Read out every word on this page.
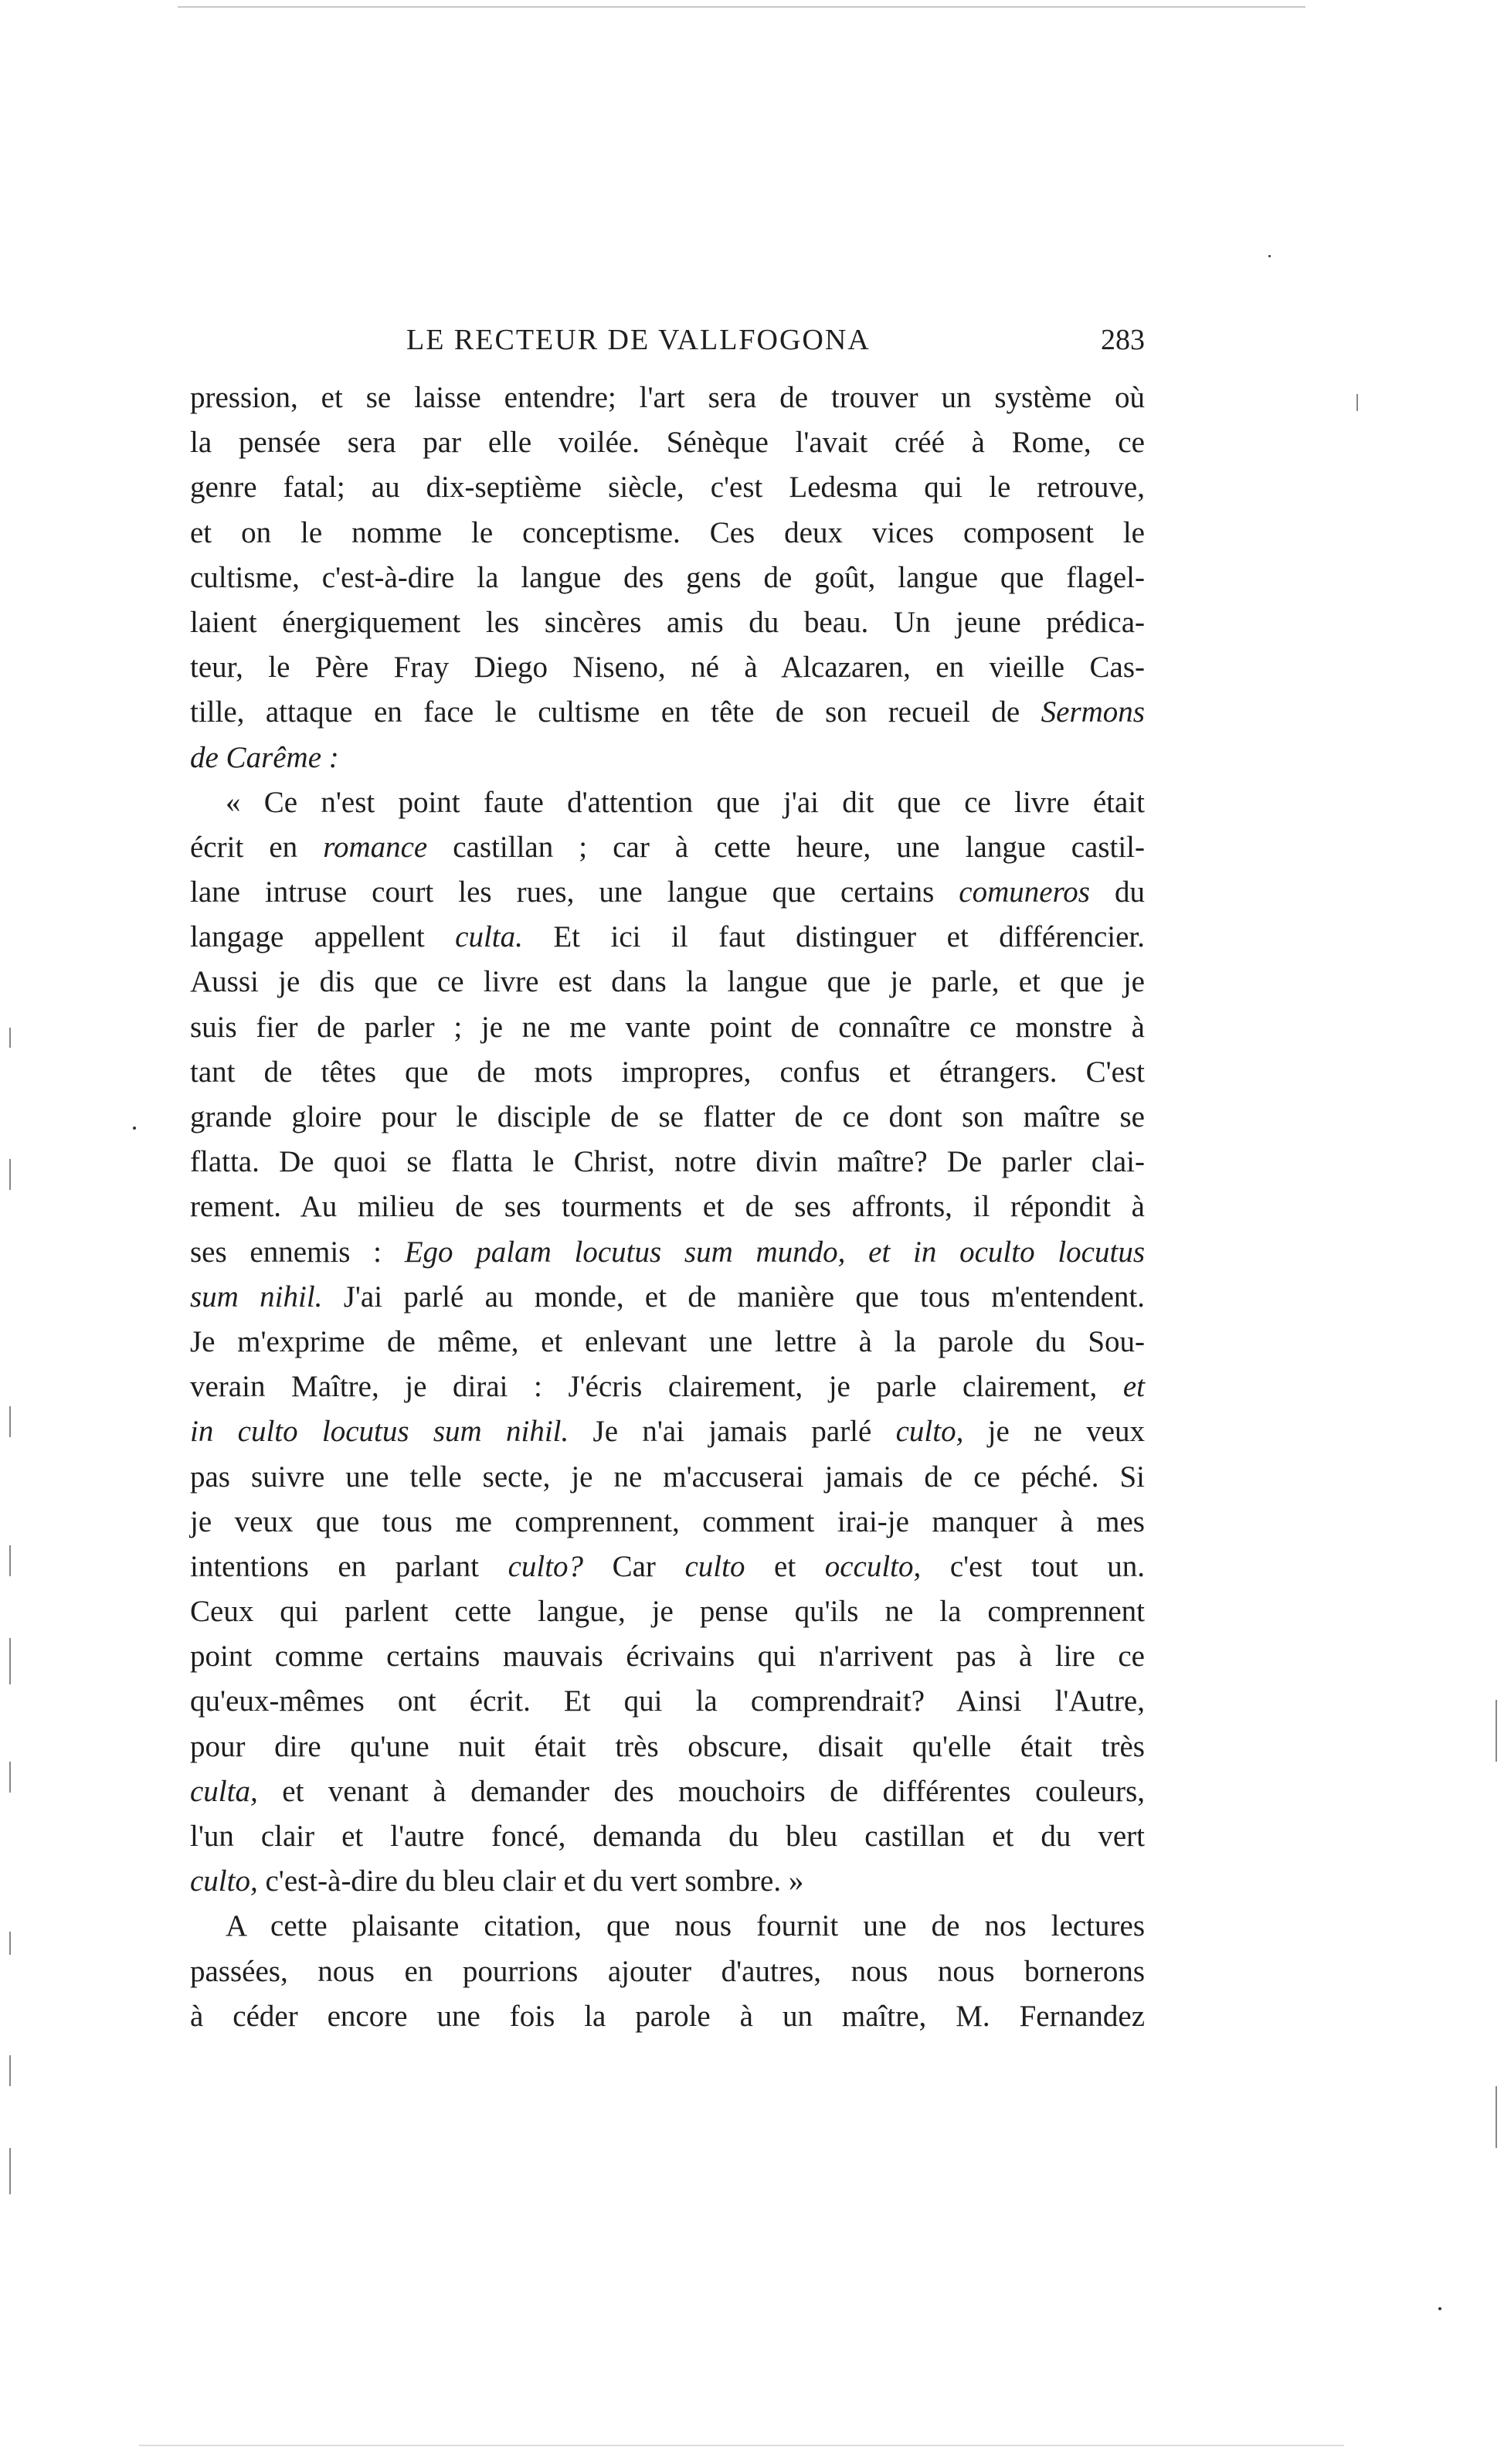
LE RECTEUR DE VALLFOGONA	283
pression, et se laisse entendre; l'art sera de trouver un système où
la pensée sera par elle voilée. Sénèque l'avait créé à Rome, ce
genre fatal; au dix-septième siècle, c'est Ledesma qui le retrouve,
et on le nomme le conceptisme. Ces deux vices composent le
cultisme, c'est-à-dire la langue des gens de goût, langue que flagel-
laient énergiquement les sincères amis du beau. Un jeune prédica-
teur, le Père Fray Diego Niseno, né à Alcazaren, en vieille Cas-
tille, attaque en face le cultisme en tête de son recueil de Sermons
de Carême :
« Ce n'est point faute d'attention que j'ai dit que ce livre était
écrit en romance castillan ; car à cette heure, une langue castil-
lane intruse court les rues, une langue que certains comuneros du
langage appellent culta. Et ici il faut distinguer et différencier.
Aussi je dis que ce livre est dans la langue que je parle, et que je
suis fier de parler ; je ne me vante point de connaître ce monstre à
tant de têtes que de mots impropres, confus et étrangers. C'est
grande gloire pour le disciple de se flatter de ce dont son maître se
flatta. De quoi se flatta le Christ, notre divin maître? De parler clai-
rement. Au milieu de ses tourments et de ses affronts, il répondit à
ses ennemis : Ego palam locutus sum mundo, et in oculto locutus
sum nihil. J'ai parlé au monde, et de manière que tous m'entendent.
Je m'exprime de même, et enlevant une lettre à la parole du Sou-
verain Maître, je dirai : J'écris clairement, je parle clairement, et
in culto locutus sum nihil. Je n'ai jamais parlé culto, je ne veux
pas suivre une telle secte, je ne m'accuserai jamais de ce péché. Si
je veux que tous me comprennent, comment irai-je manquer à mes
intentions en parlant culto? Car culto et occulto, c'est tout un.
Ceux qui parlent cette langue, je pense qu'ils ne la comprennent
point comme certains mauvais écrivains qui n'arrivent pas à lire ce
qu'eux-mêmes ont écrit. Et qui la comprendrait? Ainsi l'Autre,
pour dire qu'une nuit était très obscure, disait qu'elle était très
culta, et venant à demander des mouchoirs de différentes couleurs,
l'un clair et l'autre foncé, demanda du bleu castillan et du vert
culto, c'est-à-dire du bleu clair et du vert sombre. »
A cette plaisante citation, que nous fournit une de nos lectures
passées, nous en pourrions ajouter d'autres, nous nous bornerons
à céder encore une fois la parole à un maître, M. Fernandez
